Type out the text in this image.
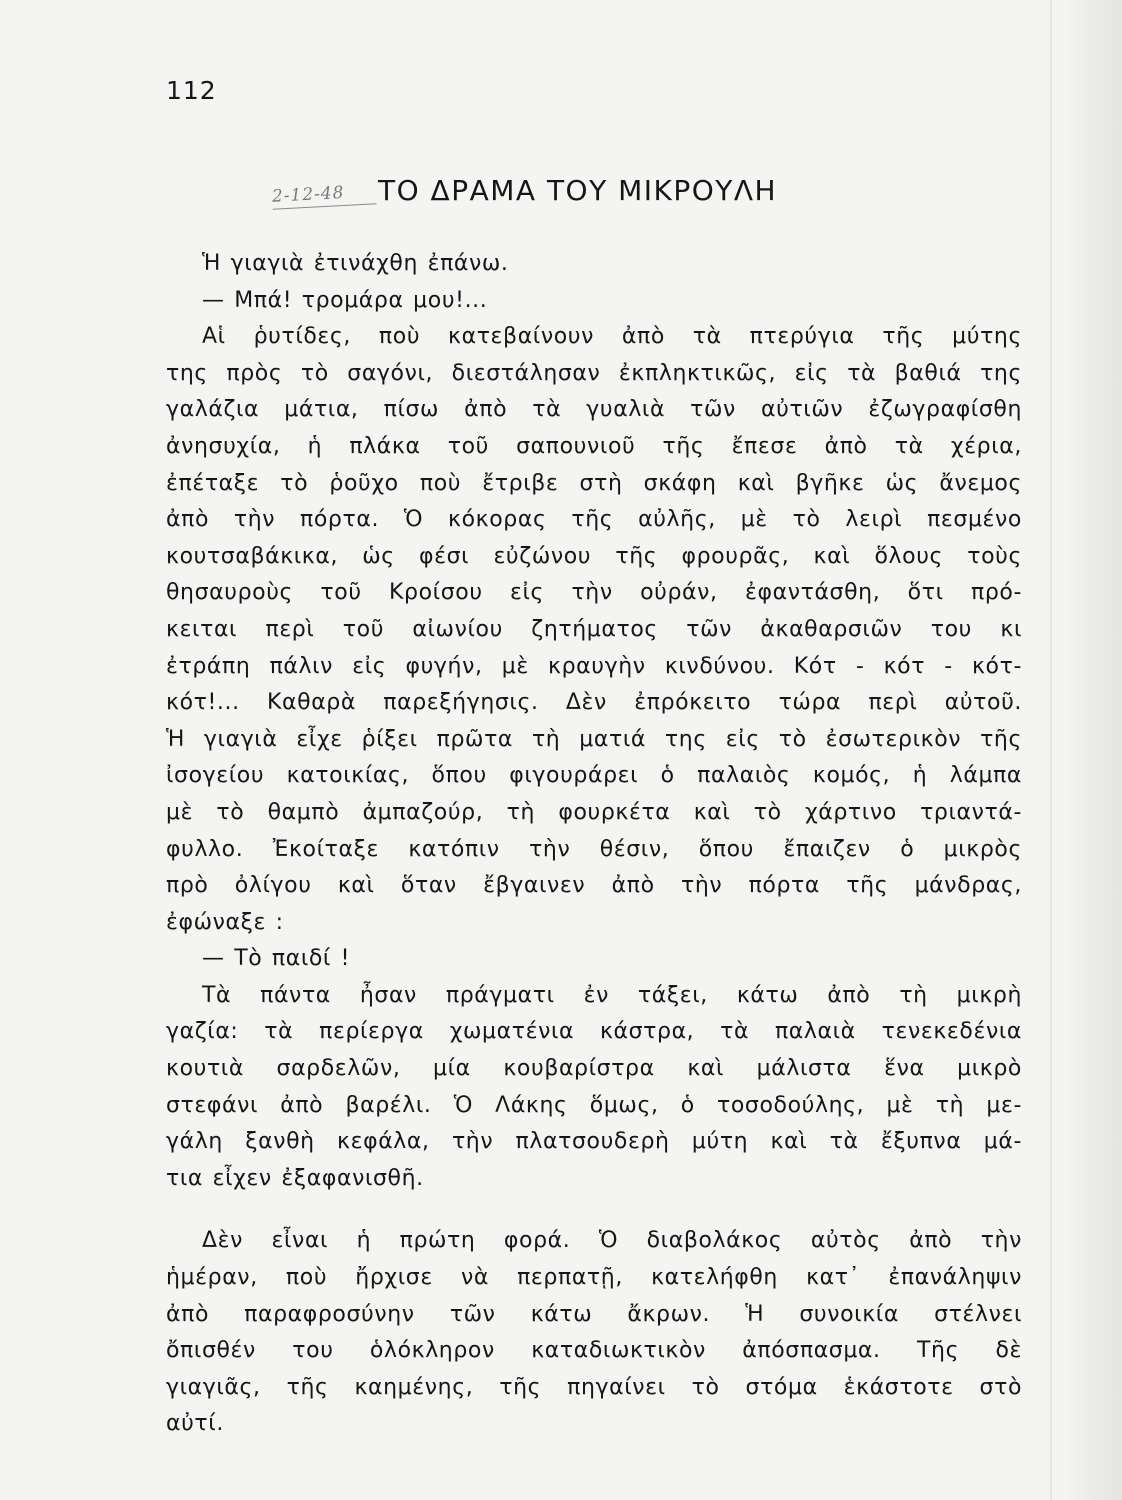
112
2-12-48	ΤΟ ΔΡΑΜΑ ΤΟΥ ΜΙΚΡΟΥΛΗ
Ἡ γιαγιὰ ἐτινάχθη ἐπάνω.
— Μπά! τρομάρα μου!...
Αἱ ῥυτίδες, ποὺ κατεβαίνουν ἀπὸ τὰ πτερύγια τῆς μύτης
της πρὸς τὸ σαγόνι, διεστάλησαν ἐκπληκτικῶς, εἰς τὰ βαθιά της
γαλάζια μάτια, πίσω ἀπὸ τὰ γυαλιὰ τῶν αὐτιῶν ἐζωγραφίσθη
ἀνησυχία, ἡ πλάκα τοῦ σαπουνιοῦ τῆς ἔπεσε ἀπὸ τὰ χέρια,
ἐπέταξε τὸ ῥοῦχο ποὺ ἔτριβε στὴ σκάφη καὶ βγῆκε ὡς ἄνεμος
ἀπὸ τὴν πόρτα. Ὁ κόκορας τῆς αὐλῆς, μὲ τὸ λειρὶ πεσμένο
κουτσαβάκικα, ὡς φέσι εὐζώνου τῆς φρουρᾶς, καὶ ὅλους τοὺς
θησαυροὺς τοῦ Κροίσου εἰς τὴν οὐράν, ἐφαντάσθη, ὅτι πρό-
κειται περὶ τοῦ αἰωνίου ζητήματος τῶν ἀκαθαρσιῶν του κι
ἐτράπη πάλιν εἰς φυγήν, μὲ κραυγὴν κινδύνου. Κότ - κότ - κότ-
κότ!... Καθαρὰ παρεξήγησις. Δὲν ἐπρόκειτο τώρα περὶ αὐτοῦ.
Ἡ γιαγιὰ εἶχε ῥίξει πρῶτα τὴ ματιά της εἰς τὸ ἐσωτερικὸν τῆς
ἰσογείου κατοικίας, ὅπου φιγουράρει ὁ παλαιὸς κομός, ἡ λάμπα
μὲ τὸ θαμπὸ ἀμπαζούρ, τὴ φουρκέτα καὶ τὸ χάρτινο τριαντά-
φυλλο. Ἐκοίταξε κατόπιν τὴν θέσιν, ὅπου ἔπαιζεν ὁ μικρὸς
πρὸ ὀλίγου καὶ ὅταν ἔβγαινεν ἀπὸ τὴν πόρτα τῆς μάνδρας,
ἐφώναξε :
— Τὸ παιδί !
Τὰ πάντα ἦσαν πράγματι ἐν τάξει, κάτω ἀπὸ τὴ μικρὴ
γαζία: τὰ περίεργα χωματένια κάστρα, τὰ παλαιὰ τενεκεδένια
κουτιὰ σαρδελῶν, μία κουβαρίστρα καὶ μάλιστα ἕνα μικρὸ
στεφάνι ἀπὸ βαρέλι. Ὁ Λάκης ὅμως, ὁ τοσοδούλης, μὲ τὴ με-
γάλη ξανθὴ κεφάλα, τὴν πλατσουδερὴ μύτη καὶ τὰ ἔξυπνα μά-
τια εἶχεν ἐξαφανισθῆ.
Δὲν εἶναι ἡ πρώτη φορά. Ὁ διαβολάκος αὐτὸς ἀπὸ τὴν
ἡμέραν, ποὺ ἤρχισε νὰ περπατῇ, κατελήφθη κατ᾿ ἐπανάληψιν
ἀπὸ παραφροσύνην τῶν κάτω ἄκρων. Ἡ συνοικία στέλνει
ὄπισθέν του ὁλόκληρον καταδιωκτικὸν ἀπόσπασμα. Τῆς δὲ
γιαγιᾶς, τῆς καημένης, τῆς πηγαίνει τὸ στόμα ἑκάστοτε στὸ
αὐτί.
